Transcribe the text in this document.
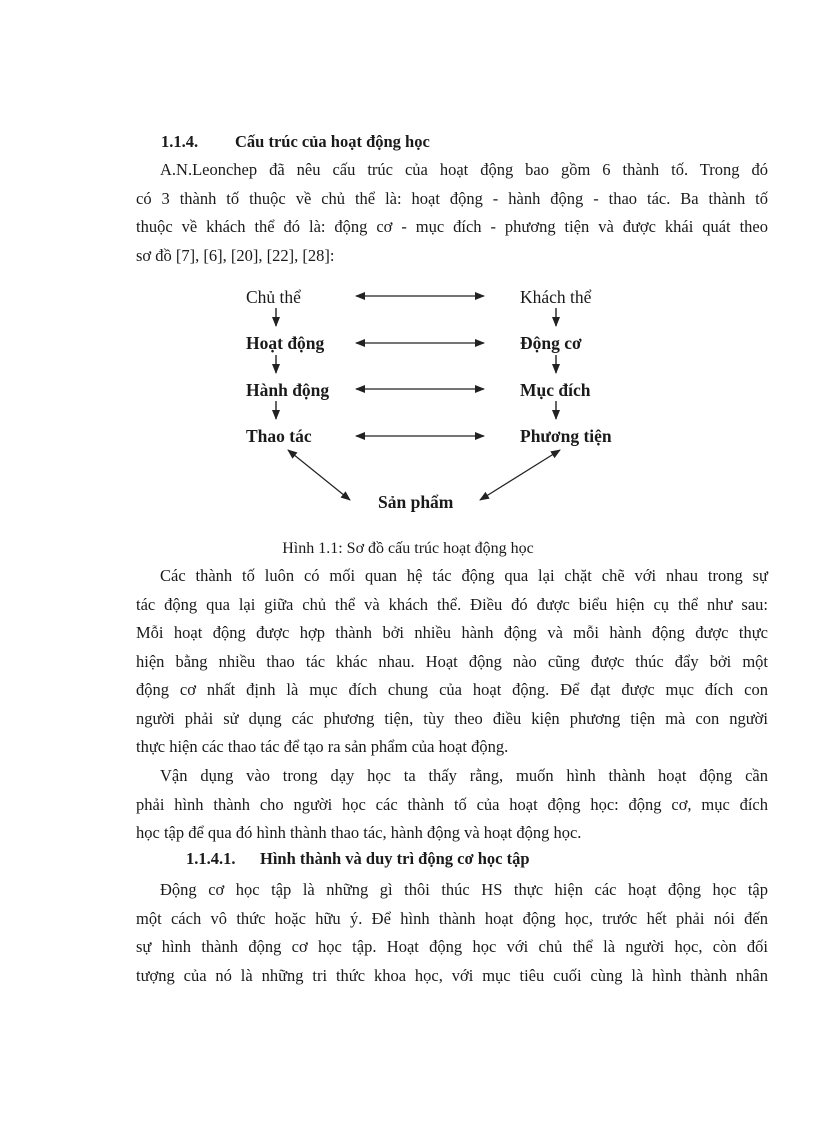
1.1.4. Cấu trúc của hoạt động học
A.N.Leonchep đã nêu cấu trúc của hoạt động bao gồm 6 thành tố. Trong đó
có 3 thành tố thuộc về chủ thể là: hoạt động - hành động - thao tác. Ba thành tố
thuộc về khách thể đó là: động cơ - mục đích - phương tiện và được khái quát theo
sơ đồ [7], [6], [20], [22], [28]:
Chủ thể
Hoạt động
Hành động
Thao tác
Khách thể
Động cơ
Mục đích
Phương tiện
Sản phẩm
Hình 1.1: Sơ đồ cấu trúc hoạt động học
Các thành tố luôn có mối quan hệ tác động qua lại chặt chẽ với nhau trong sự
tác động qua lại giữa chủ thể và khách thể. Điều đó được biểu hiện cụ thể như sau:
Mỗi hoạt động được hợp thành bởi nhiều hành động và mỗi hành động được thực
hiện bằng nhiều thao tác khác nhau. Hoạt động nào cũng được thúc đẩy bởi một
động cơ nhất định là mục đích chung của hoạt động. Để đạt được mục đích con
người phải sử dụng các phương tiện, tùy theo điều kiện phương tiện mà con người
thực hiện các thao tác để tạo ra sản phẩm của hoạt động.
Vận dụng vào trong dạy học ta thấy rằng, muốn hình thành hoạt động cần
phải hình thành cho người học các thành tố của hoạt động học: động cơ, mục đích
học tập để qua đó hình thành thao tác, hành động và hoạt động học.
1.1.4.1. Hình thành và duy trì động cơ học tập
Động cơ học tập là những gì thôi thúc HS thực hiện các hoạt động học tập
một cách vô thức hoặc hữu ý. Để hình thành hoạt động học, trước hết phải nói đến
sự hình thành động cơ học tập. Hoạt động học với chủ thể là người học, còn đối
tượng của nó là những tri thức khoa học, với mục tiêu cuối cùng là hình thành nhân
